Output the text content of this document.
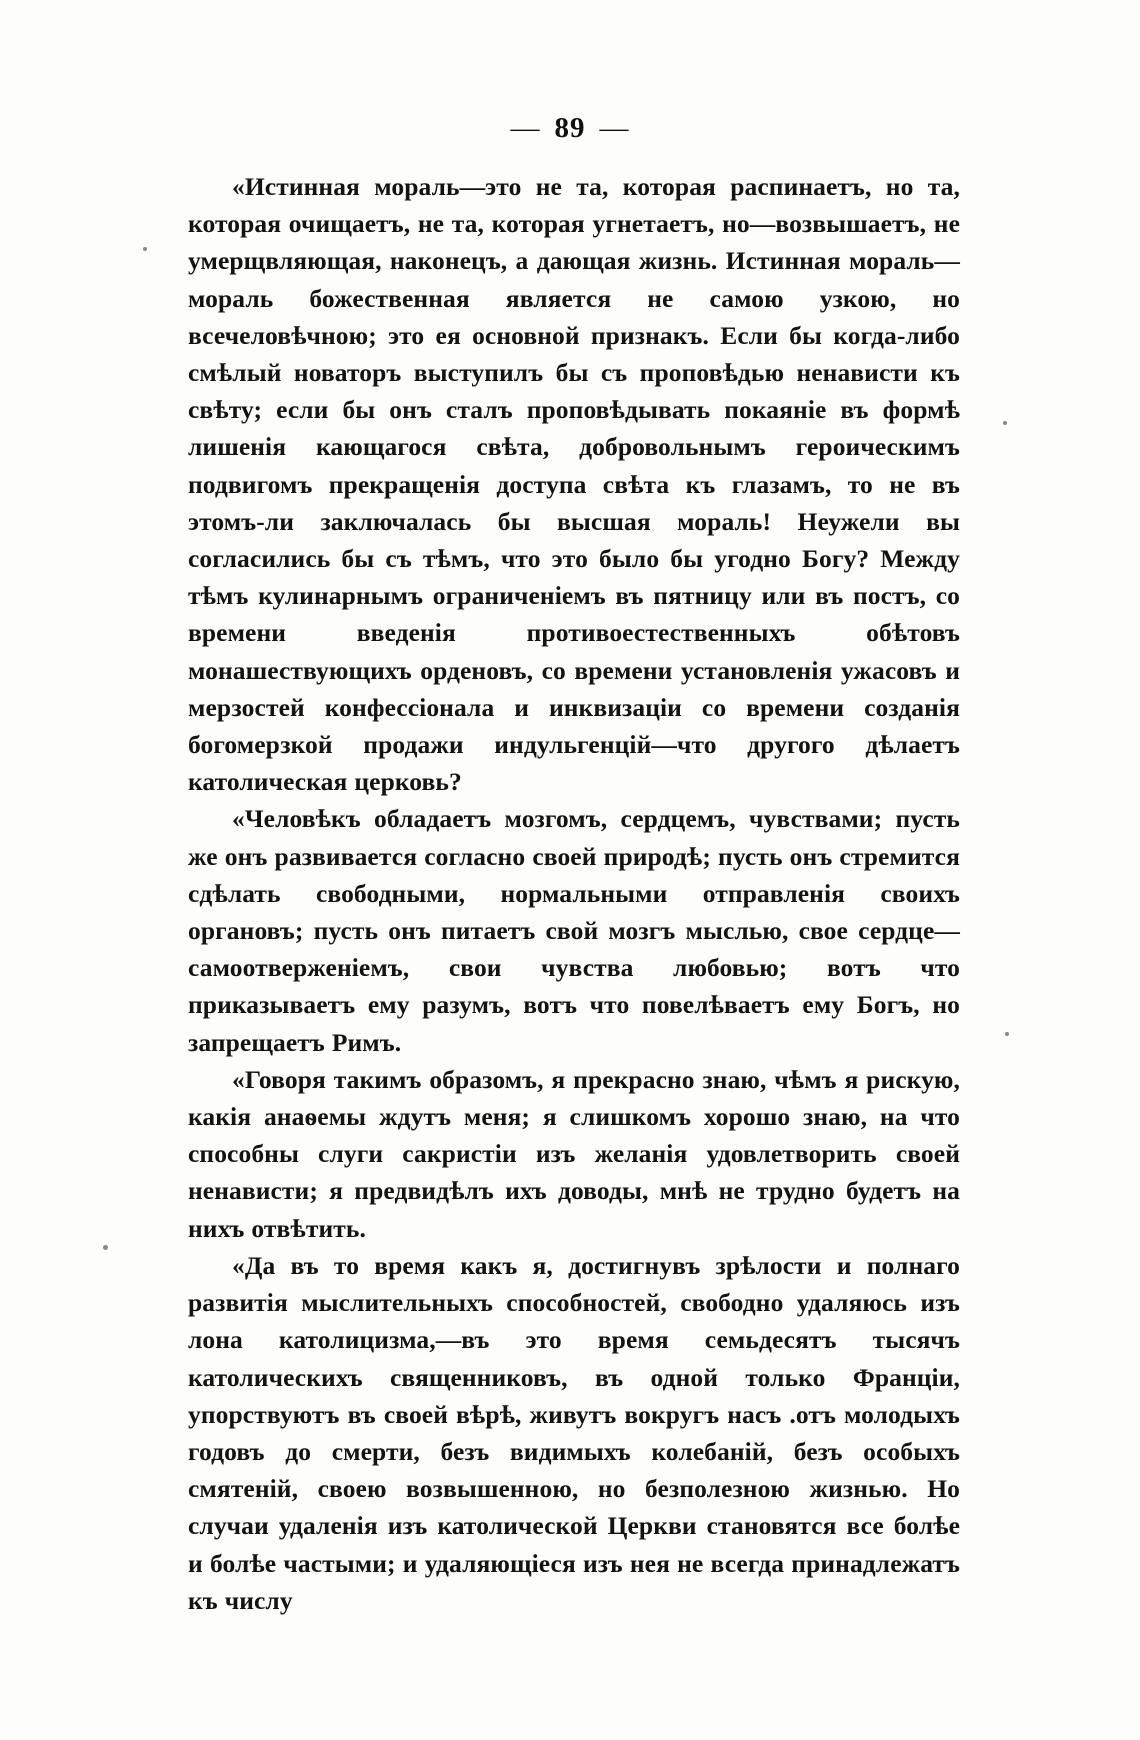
— 89 —

«Истинная мораль—это не та, которая распинаетъ, но та, которая очищаетъ, не та, которая угнетаетъ, но—возвышаетъ, не умерщвляющая, наконецъ, а дающая жизнь. Истинная мораль—мораль божественная является не самою узкою, но всечеловѣчною; это ея основной признакъ. Если бы когда-либо смѣлый новаторъ выступилъ бы съ проповѣдью ненависти къ свѣту; если бы онъ сталъ проповѣдывать покаяніе въ формѣ лишенія кающагося свѣта, добровольнымъ героическимъ подвигомъ прекращенія доступа свѣта къ глазамъ, то не въ этомъ-ли заключалась бы высшая мораль! Неужели вы согласились бы съ тѣмъ, что это было бы угодно Богу? Между тѣмъ кулинарнымъ ограниченіемъ въ пятницу или въ постъ, со времени введенія противоестественныхъ обѣтовъ монашествующихъ орденовъ, со времени установленія ужасовъ и мерзостей конфессіонала и инквизаціи со времени созданія богомерзкой продажи индульгенцій—что другого дѣлаетъ католическая церковь?

«Человѣкъ обладаетъ мозгомъ, сердцемъ, чувствами; пусть же онъ развивается согласно своей природѣ; пусть онъ стремится сдѣлать свободными, нормальными отправленія своихъ органовъ; пусть онъ питаетъ свой мозгъ мыслью, свое сердце—самоотверженіемъ, свои чувства любовью; вотъ что приказываетъ ему разумъ, вотъ что повелѣваетъ ему Богъ, но запрещаетъ Римъ.

«Говоря такимъ образомъ, я прекрасно знаю, чѣмъ я рискую, какія анаѳемы ждутъ меня; я слишкомъ хорошо знаю, на что способны слуги сакристіи изъ желанія удовлетворить своей ненависти; я предвидѣлъ ихъ доводы, мнѣ не трудно будетъ на нихъ отвѣтить.

«Да въ то время какъ я, достигнувъ зрѣлости и полнаго развитія мыслительныхъ способностей, свободно удаляюсь изъ лона католицизма,—въ это время семьдесятъ тысячъ католическихъ священниковъ, въ одной только Франціи, упорствуютъ въ своей вѣрѣ, живутъ вокругъ насъ .отъ молодыхъ годовъ до смерти, безъ видимыхъ колебаній, безъ особыхъ смятеній, своею возвышенною, но безполезною жизнью. Но случаи удаленія изъ католической Церкви становятся все болѣе и болѣе частыми; и удаляющіеся изъ нея не всегда принадлежатъ къ числу
